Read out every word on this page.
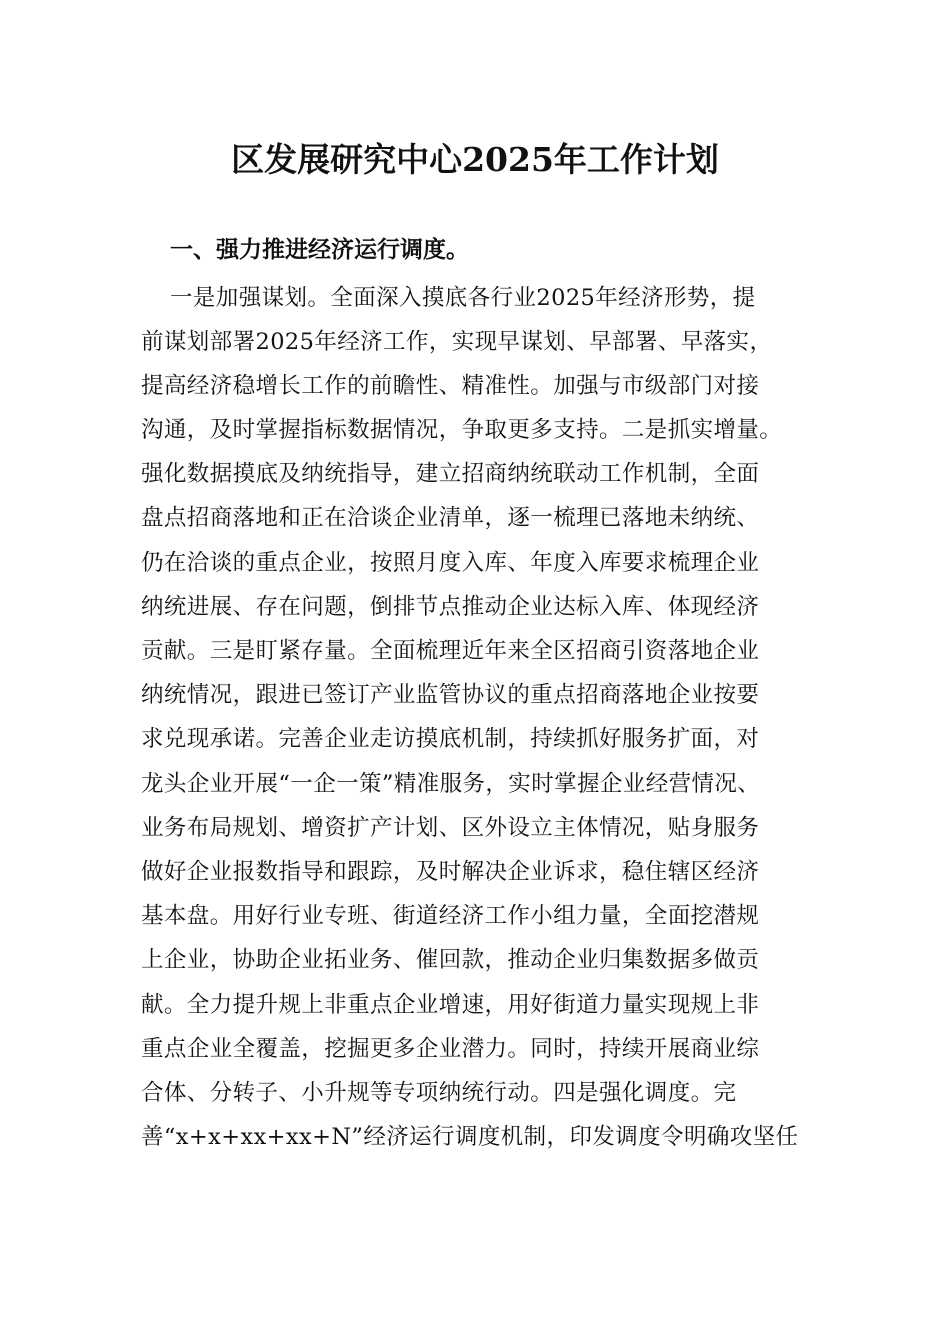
区发展研究中心2025年工作计划
一、强力推进经济运行调度。
一是加强谋划。全面深入摸底各行业2025年经济形势，提
前谋划部署2025年经济工作，实现早谋划、早部署、早落实，
提高经济稳增长工作的前瞻性、精准性。加强与市级部门对接
沟通，及时掌握指标数据情况，争取更多支持。二是抓实增量。
强化数据摸底及纳统指导，建立招商纳统联动工作机制，全面
盘点招商落地和正在洽谈企业清单，逐一梳理已落地未纳统、
仍在洽谈的重点企业，按照月度入库、年度入库要求梳理企业
纳统进展、存在问题，倒排节点推动企业达标入库、体现经济
贡献。三是盯紧存量。全面梳理近年来全区招商引资落地企业
纳统情况，跟进已签订产业监管协议的重点招商落地企业按要
求兑现承诺。完善企业走访摸底机制，持续抓好服务扩面，对
龙头企业开展“一企一策”精准服务，实时掌握企业经营情况、
业务布局规划、增资扩产计划、区外设立主体情况，贴身服务
做好企业报数指导和跟踪，及时解决企业诉求，稳住辖区经济
基本盘。用好行业专班、街道经济工作小组力量，全面挖潜规
上企业，协助企业拓业务、催回款，推动企业归集数据多做贡
献。全力提升规上非重点企业增速，用好街道力量实现规上非
重点企业全覆盖，挖掘更多企业潜力。同时，持续开展商业综
合体、分转子、小升规等专项纳统行动。四是强化调度。完
善“x+x+xx+xx+N”经济运行调度机制，印发调度令明确攻坚任
